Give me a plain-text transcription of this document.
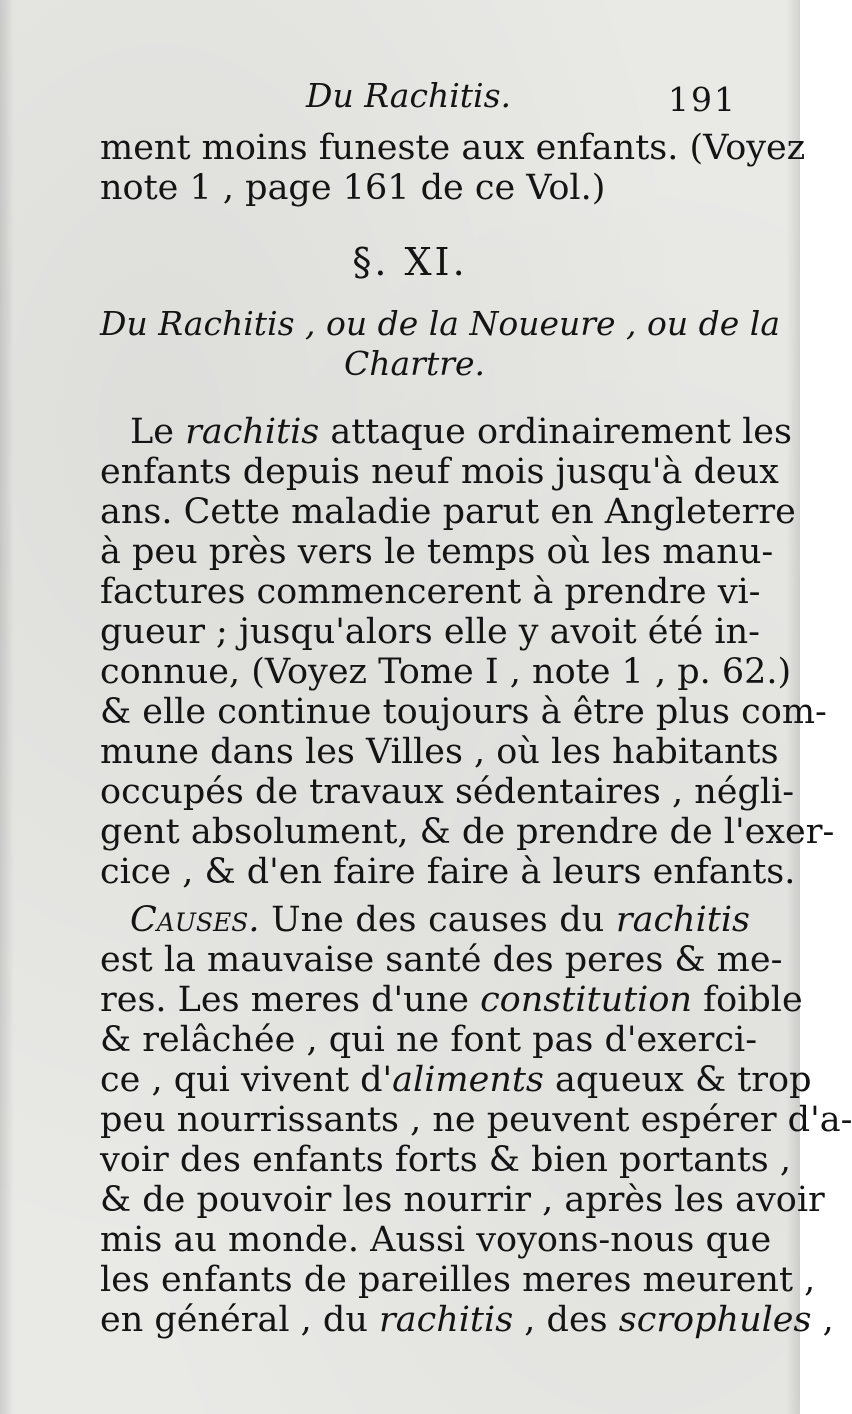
Du Rachitis.	191
ment moins funeste aux enfants. (Voyez
note 1 , page 161 de ce Vol.)
§. XI.
Du Rachitis , ou de la Noueure , ou de la
Chartre.
Le rachitis attaque ordinairement les
enfants depuis neuf mois jusqu'à deux
ans. Cette maladie parut en Angleterre
à peu près vers le temps où les manu-
factures commencerent à prendre vi-
gueur ; jusqu'alors elle y avoit été in-
connue, (Voyez Tome I , note 1 , p. 62.)
& elle continue toujours à être plus com-
mune dans les Villes , où les habitants
occupés de travaux sédentaires , négli-
gent absolument, & de prendre de l'exer-
cice , & d'en faire faire à leurs enfants.
Causes. Une des causes du rachitis
est la mauvaise santé des peres & me-
res. Les meres d'une constitution foible
& relâchée , qui ne font pas d'exerci-
ce , qui vivent d'aliments aqueux & trop
peu nourrissants , ne peuvent espérer d'a-
voir des enfants forts & bien portants ,
& de pouvoir les nourrir , après les avoir
mis au monde. Aussi voyons-nous que
les enfants de pareilles meres meurent ,
en général , du rachitis , des scrophules ,
